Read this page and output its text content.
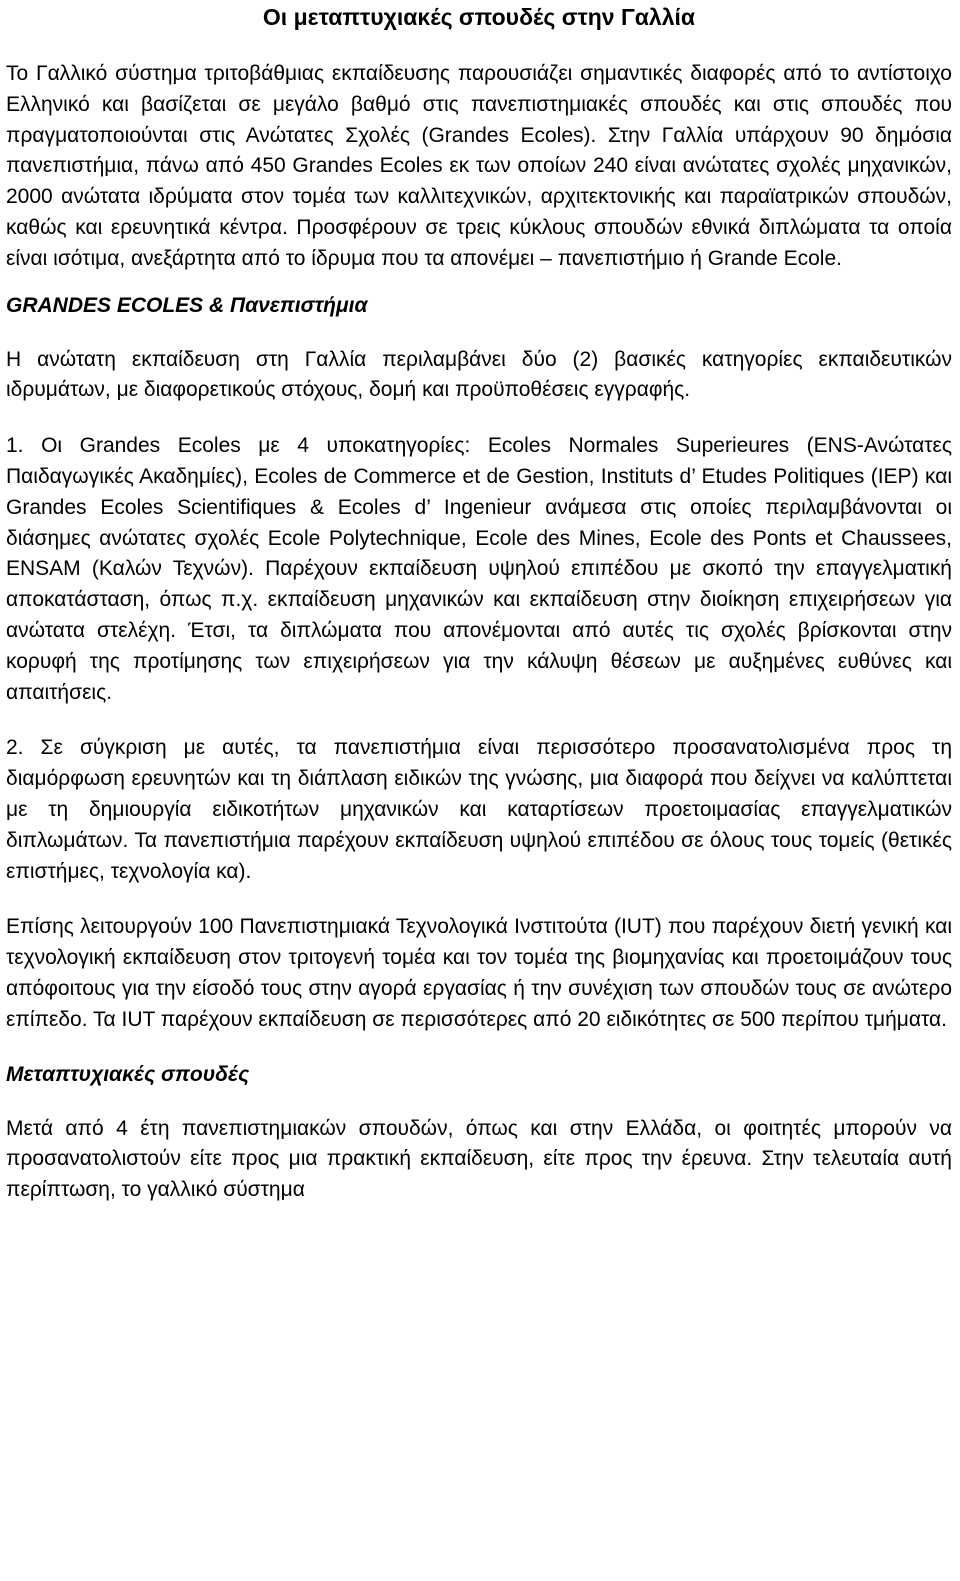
Οι μεταπτυχιακές σπουδές στην Γαλλία

Το Γαλλικό σύστημα τριτοβάθμιας εκπαίδευσης παρουσιάζει σημαντικές διαφορές από το αντίστοιχο Ελληνικό και βασίζεται σε μεγάλο βαθμό στις πανεπιστημιακές σπουδές και στις σπουδές που πραγματοποιούνται στις Ανώτατες Σχολές (Grandes Ecoles). Στην Γαλλία υπάρχουν 90 δημόσια πανεπιστήμια, πάνω από 450 Grandes Ecoles εκ των οποίων 240 είναι ανώτατες σχολές μηχανικών, 2000 ανώτατα ιδρύματα στον τομέα των καλλιτεχνικών, αρχιτεκτονικής και παραϊατρικών σπουδών, καθώς και ερευνητικά κέντρα. Προσφέρουν σε τρεις κύκλους σπουδών εθνικά διπλώματα τα οποία είναι ισότιμα, ανεξάρτητα από το ίδρυμα που τα απονέμει – πανεπιστήμιο ή Grande Ecole.

GRANDES ECOLES & Πανεπιστήμια

Η ανώτατη εκπαίδευση στη Γαλλία περιλαμβάνει δύο (2) βασικές κατηγορίες εκπαιδευτικών ιδρυμάτων, με διαφορετικούς στόχους, δομή και προϋποθέσεις εγγραφής.

1. Οι Grandes Ecoles με 4 υποκατηγορίες: Ecoles Normales Superieures (ENS-Ανώτατες Παιδαγωγικές Ακαδημίες), Ecoles de Commerce et de Gestion, Instituts d’ Etudes Politiques (IEP) και Grandes Ecoles Scientifiques & Ecoles d’ Ingenieur ανάμεσα στις οποίες περιλαμβάνονται οι διάσημες ανώτατες σχολές Ecole Polytechnique, Ecole des Mines, Ecole des Ponts et Chaussees, ENSAM (Καλών Τεχνών). Παρέχουν εκπαίδευση υψηλού επιπέδου με σκοπό την επαγγελματική αποκατάσταση, όπως π.χ. εκπαίδευση μηχανικών και εκπαίδευση στην διοίκηση επιχειρήσεων για ανώτατα στελέχη. Έτσι, τα διπλώματα που απονέμονται από αυτές τις σχολές βρίσκονται στην κορυφή της προτίμησης των επιχειρήσεων για την κάλυψη θέσεων με αυξημένες ευθύνες και απαιτήσεις.

2. Σε σύγκριση με αυτές, τα πανεπιστήμια είναι περισσότερο προσανατολισμένα προς τη διαμόρφωση ερευνητών και τη διάπλαση ειδικών της γνώσης, μια διαφορά που δείχνει να καλύπτεται με τη δημιουργία ειδικοτήτων μηχανικών και καταρτίσεων προετοιμασίας επαγγελματικών διπλωμάτων. Τα πανεπιστήμια παρέχουν εκπαίδευση υψηλού επιπέδου σε όλους τους τομείς (θετικές επιστήμες, τεχνολογία κα).

Επίσης λειτουργούν 100 Πανεπιστημιακά Τεχνολογικά Ινστιτούτα (IUT) που παρέχουν διετή γενική και τεχνολογική εκπαίδευση στον τριτογενή τομέα και τον τομέα της βιομηχανίας και προετοιμάζουν τους απόφοιτους για την είσοδό τους στην αγορά εργασίας ή την συνέχιση των σπουδών τους σε ανώτερο επίπεδο. Τα IUT παρέχουν εκπαίδευση σε περισσότερες από 20 ειδικότητες σε 500 περίπου τμήματα.

Μεταπτυχιακές σπουδές

Μετά από 4 έτη πανεπιστημιακών σπουδών, όπως και στην Ελλάδα, οι φοιτητές μπορούν να προσανατολιστούν είτε προς μια πρακτική εκπαίδευση, είτε προς την έρευνα. Στην τελευταία αυτή περίπτωση, το γαλλικό σύστημα
